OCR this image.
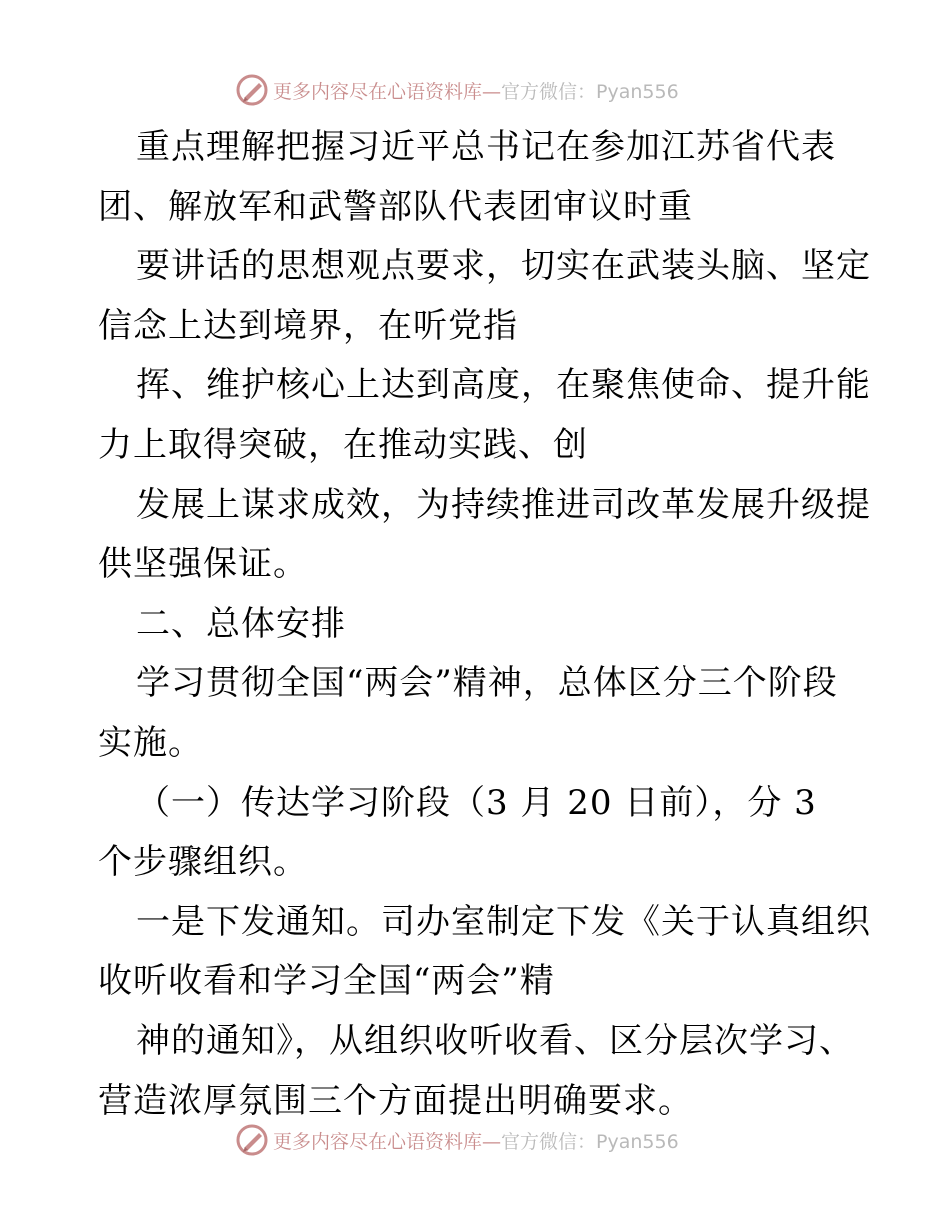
更多内容尽在心语资料库— 官方微信：Pyan556
重点理解把握习近平总书记在参加江苏省代表
团、解放军和武警部队代表团审议时重
要讲话的思想观点要求，切实在武装头脑、坚定
信念上达到境界，在听党指
挥、维护核心上达到高度，在聚焦使命、提升能
力上取得突破，在推动实践、创
发展上谋求成效，为持续推进司改革发展升级提
供坚强保证。
二、总体安排
学习贯彻全国“两会”精神，总体区分三个阶段
实施。
（一）传达学习阶段（3 月 20 日前），分 3
个步骤组织。
一是下发通知。司办室制定下发《关于认真组织
收听收看和学习全国“两会”精
神的通知》，从组织收听收看、区分层次学习、
营造浓厚氛围三个方面提出明确要求。
更多内容尽在心语资料库— 官方微信：Pyan556
